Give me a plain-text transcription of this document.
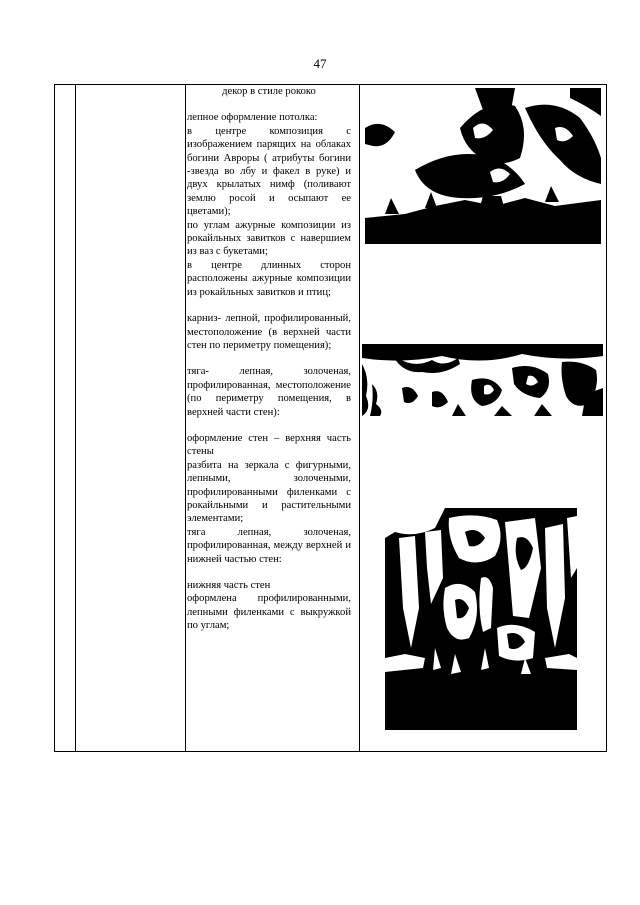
47

декор в стиле рококо

лепное оформление потолка:

в центре композиция с изображением парящих на облаках богини Авроры ( атрибуты богини -звезда во лбу и факел в руке) и двух крылатых нимф (поливают землю росой и осыпают ее цветами);

по углам ажурные композиции из рокайльных завитков с навершием из ваз с букетами;

в центре длинных сторон расположены ажурные композиции из рокайльных завитков и птиц;

карниз- лепной, профилированный, местоположение (в верхней части стен по периметру помещения);

тяга- лепная, золоченая, профилированная, местоположение (по периметру помещения, в верхней части стен):

оформление стен – верхняя часть стены

разбита на зеркала с фигурными, лепными, золочеными, профилированными филенками с рокайльными и растительными элементами;

тяга лепная, золоченая, профилированная, между верхней и нижней частью стен:

нижняя часть стен

оформлена профилированными, лепными филенками с выкружкой по углам;
